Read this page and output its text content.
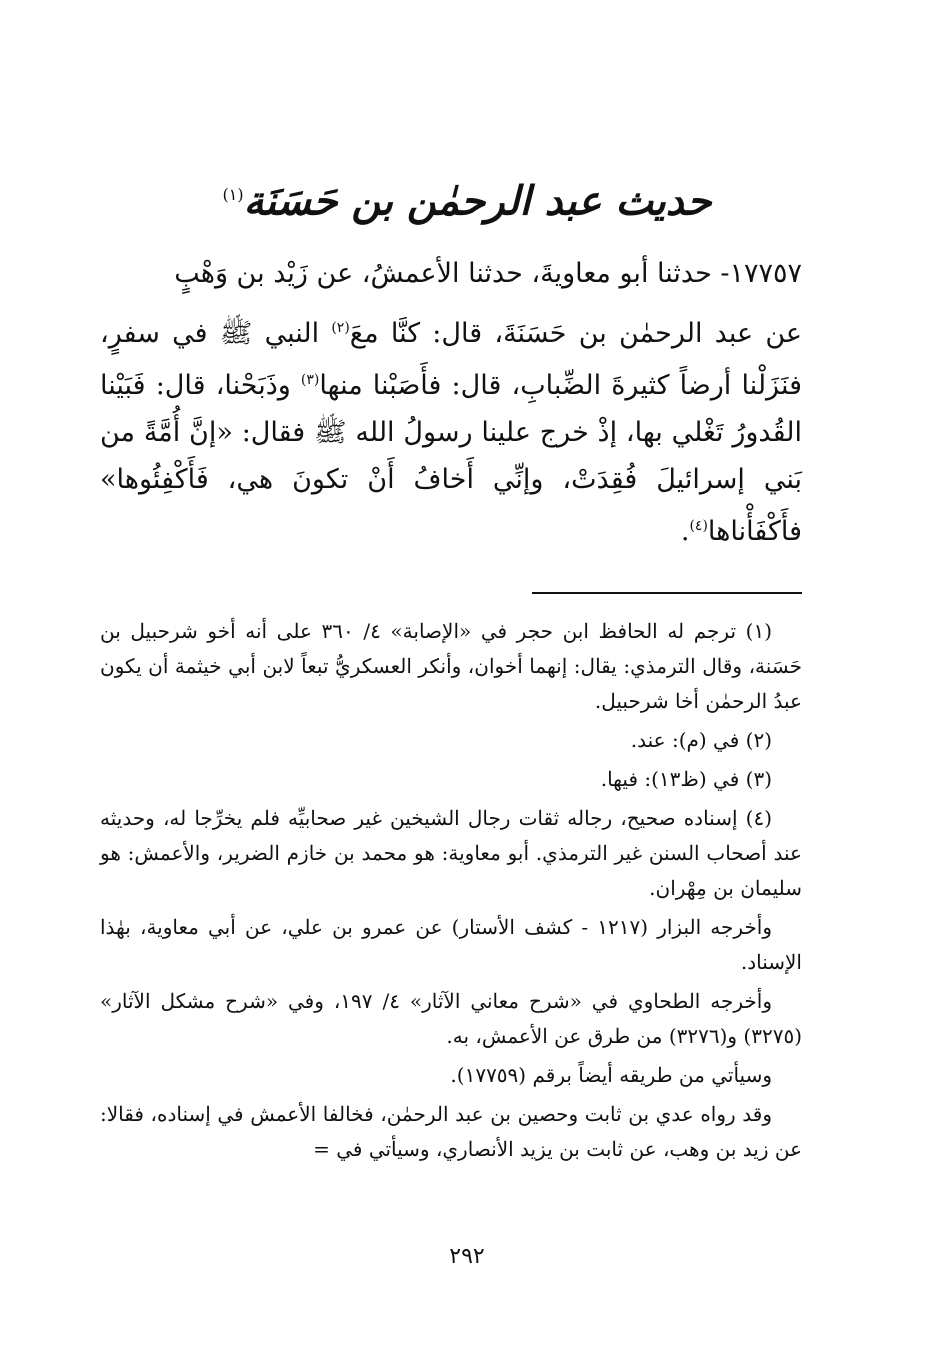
حديث عبد الرحمٰن بن حَسَنَة$^{(١)}$

١٧٧٥٧- حدثنا أبو معاويةَ، حدثنا الأعمشُ، عن زَيْد بن وَهْبٍ

عن عبد الرحمٰن بن حَسَنَةَ، قال: كنَّا معَ$^{(٢)}$ النبي ﷺ في سفرٍ، فنَزَلْنا أرضاً كثيرةَ الضِّبابِ، قال: فأَصَبْنا منها$^{(٣)}$ وذَبَحْنا، قال: فَبَيْنا القُدورُ تَغْلي بها، إذْ خرج علينا رسولُ الله ﷺ فقال: «إنَّ أُمَّةً من بَني إسرائيلَ فُقِدَتْ، وإنِّي أَخافُ أَنْ تكونَ هي، فَأَكْفِئُوها» فأَكْفَأْناها$^{(٤)}$.

(١) ترجم له الحافظ ابن حجر في «الإصابة» ٤/ ٣٦٠ على أنه أخو شرحبيل بن حَسَنة، وقال الترمذي: يقال: إنهما أخوان، وأنكر العسكريُّ تبعاً لابن أبي خيثمة أن يكون عبدُ الرحمٰن أخا شرحبيل.

(٢) في (م): عند.

(٣) في (ظ١٣): فيها.

(٤) إسناده صحيح، رجاله ثقات رجال الشيخين غير صحابيِّه فلم يخرِّجا له، وحديثه عند أصحاب السنن غير الترمذي. أبو معاوية: هو محمد بن خازم الضرير، والأعمش: هو سليمان بن مِهْران.

وأخرجه البزار (١٢١٧ - كشف الأستار) عن عمرو بن علي، عن أبي معاوية، بهٰذا الإسناد.

وأخرجه الطحاوي في «شرح معاني الآثار» ٤/ ١٩٧، وفي «شرح مشكل الآثار» (٣٢٧٥) و(٣٢٧٦) من طرق عن الأعمش، به.

وسيأتي من طريقه أيضاً برقم (١٧٧٥٩).

وقد رواه عدي بن ثابت وحصين بن عبد الرحمٰن، فخالفا الأعمش في إسناده، فقالا: عن زيد بن وهب، عن ثابت بن يزيد الأنصاري، وسيأتي في =

٢٩٢
